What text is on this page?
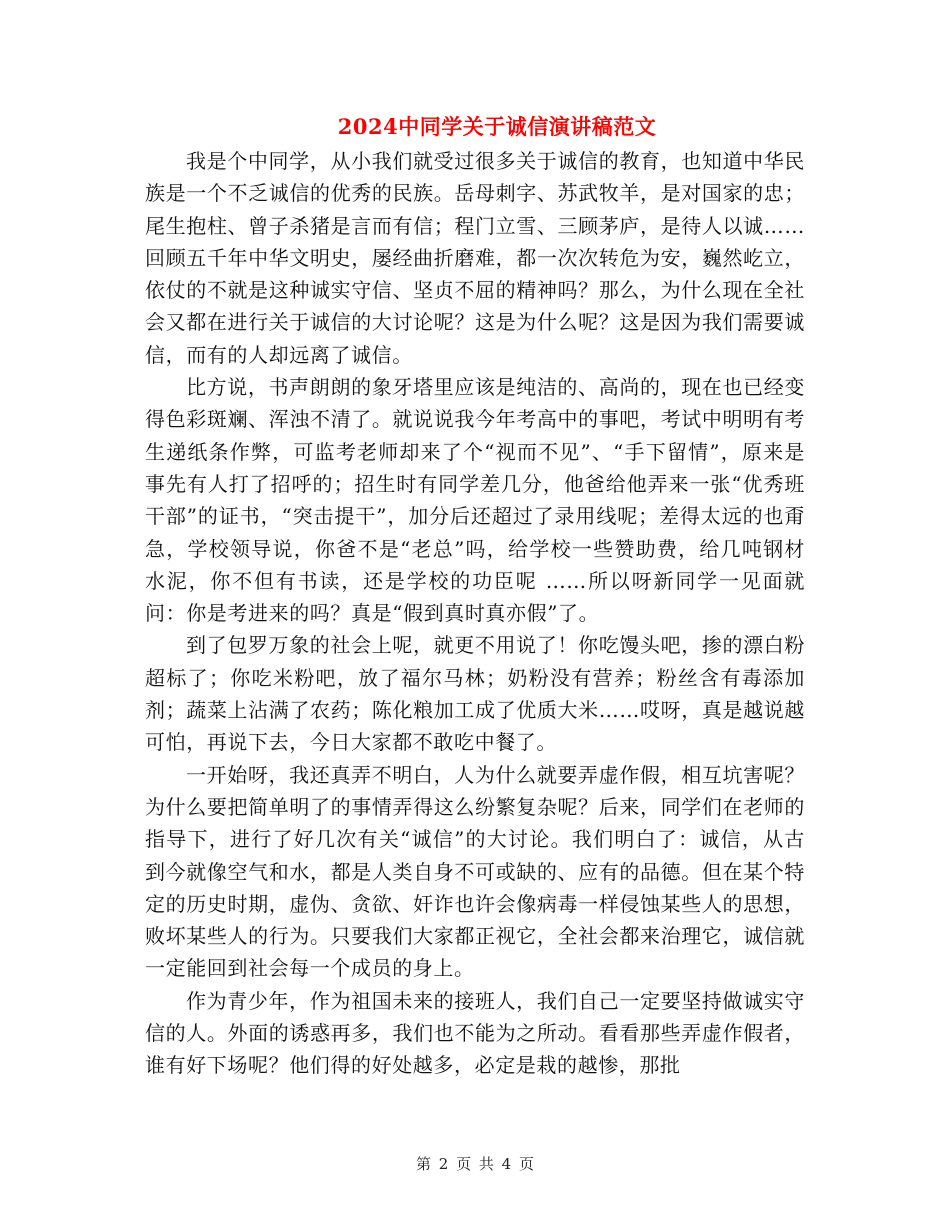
2024中同学关于诚信演讲稿范文

我是个中同学，从小我们就受过很多关于诚信的教育，也知道中华民族是一个不乏诚信的优秀的民族。岳母刺字、苏武牧羊，是对国家的忠；尾生抱柱、曾子杀猪是言而有信；程门立雪、三顾茅庐，是待人以诚……回顾五千年中华文明史，屡经曲折磨难，都一次次转危为安，巍然屹立，依仗的不就是这种诚实守信、坚贞不屈的精神吗？那么，为什么现在全社会又都在进行关于诚信的大讨论呢？这是为什么呢？这是因为我们需要诚信，而有的人却远离了诚信。

比方说，书声朗朗的象牙塔里应该是纯洁的、高尚的，现在也已经变得色彩斑斓、浑浊不清了。就说说我今年考高中的事吧，考试中明明有考生递纸条作弊，可监考老师却来了个“视而不见”、“手下留情”，原来是事先有人打了招呼的；招生时有同学差几分，他爸给他弄来一张“优秀班干部”的证书，“突击提干”，加分后还超过了录用线呢；差得太远的也甭急，学校领导说，你爸不是“老总”吗，给学校一些赞助费，给几吨钢材水泥，你不但有书读，还是学校的功臣呢 ……所以呀新同学一见面就问：你是考进来的吗？真是“假到真时真亦假”了。

到了包罗万象的社会上呢，就更不用说了！你吃馒头吧，掺的漂白粉超标了；你吃米粉吧，放了福尔马林；奶粉没有营养；粉丝含有毒添加剂；蔬菜上沾满了农药；陈化粮加工成了优质大米……哎呀，真是越说越可怕，再说下去，今日大家都不敢吃中餐了。

一开始呀，我还真弄不明白，人为什么就要弄虚作假，相互坑害呢？为什么要把简单明了的事情弄得这么纷繁复杂呢？后来，同学们在老师的指导下，进行了好几次有关“诚信”的大讨论。我们明白了：诚信，从古到今就像空气和水，都是人类自身不可或缺的、应有的品德。但在某个特定的历史时期，虚伪、贪欲、奸诈也许会像病毒一样侵蚀某些人的思想，败坏某些人的行为。只要我们大家都正视它，全社会都来治理它，诚信就一定能回到社会每一个成员的身上。

作为青少年，作为祖国未来的接班人，我们自己一定要坚持做诚实守信的人。外面的诱惑再多，我们也不能为之所动。看看那些弄虚作假者，谁有好下场呢？他们得的好处越多，必定是栽的越惨，那批

第 2 页 共 4 页
